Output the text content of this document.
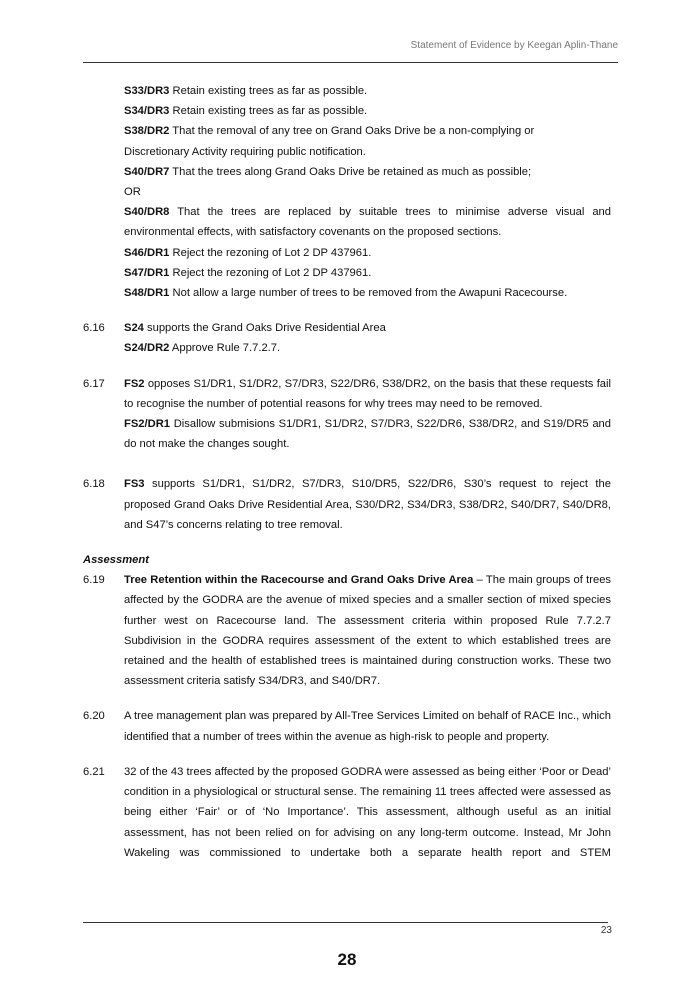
Statement of Evidence by Keegan Aplin-Thane
S33/DR3 Retain existing trees as far as possible.
S34/DR3 Retain existing trees as far as possible.
S38/DR2 That the removal of any tree on Grand Oaks Drive be a non-complying or
Discretionary Activity requiring public notification.
S40/DR7 That the trees along Grand Oaks Drive be retained as much as possible;
OR
S40/DR8 That the trees are replaced by suitable trees to minimise adverse visual and environmental effects, with satisfactory covenants on the proposed sections.
S46/DR1 Reject the rezoning of Lot 2 DP 437961.
S47/DR1 Reject the rezoning of Lot 2 DP 437961.
S48/DR1 Not allow a large number of trees to be removed from the Awapuni Racecourse.
6.16	S24 supports the Grand Oaks Drive Residential Area
S24/DR2 Approve Rule 7.7.2.7.
6.17	FS2 opposes S1/DR1, S1/DR2, S7/DR3, S22/DR6, S38/DR2, on the basis that these requests fail to recognise the number of potential reasons for why trees may need to be removed.
FS2/DR1 Disallow submisions S1/DR1, S1/DR2, S7/DR3, S22/DR6, S38/DR2, and S19/DR5 and do not make the changes sought.
6.18	FS3 supports S1/DR1, S1/DR2, S7/DR3, S10/DR5, S22/DR6, S30’s request to reject the proposed Grand Oaks Drive Residential Area, S30/DR2, S34/DR3, S38/DR2, S40/DR7, S40/DR8, and S47’s concerns relating to tree removal.
Assessment
6.19	Tree Retention within the Racecourse and Grand Oaks Drive Area – The main groups of trees affected by the GODRA are the avenue of mixed species and a smaller section of mixed species further west on Racecourse land. The assessment criteria within proposed Rule 7.7.2.7 Subdivision in the GODRA requires assessment of the extent to which established trees are retained and the health of established trees is maintained during construction works. These two assessment criteria satisfy S34/DR3, and S40/DR7.
6.20	A tree management plan was prepared by All-Tree Services Limited on behalf of RACE Inc., which identified that a number of trees within the avenue as high-risk to people and property.
6.21	32 of the 43 trees affected by the proposed GODRA were assessed as being either ‘Poor or Dead’ condition in a physiological or structural sense. The remaining 11 trees affected were assessed as being either ‘Fair’ or of ‘No Importance’. This assessment, although useful as an initial assessment, has not been relied on for advising on any long-term outcome. Instead, Mr John Wakeling was commissioned to undertake both a separate health report and STEM
23
28
